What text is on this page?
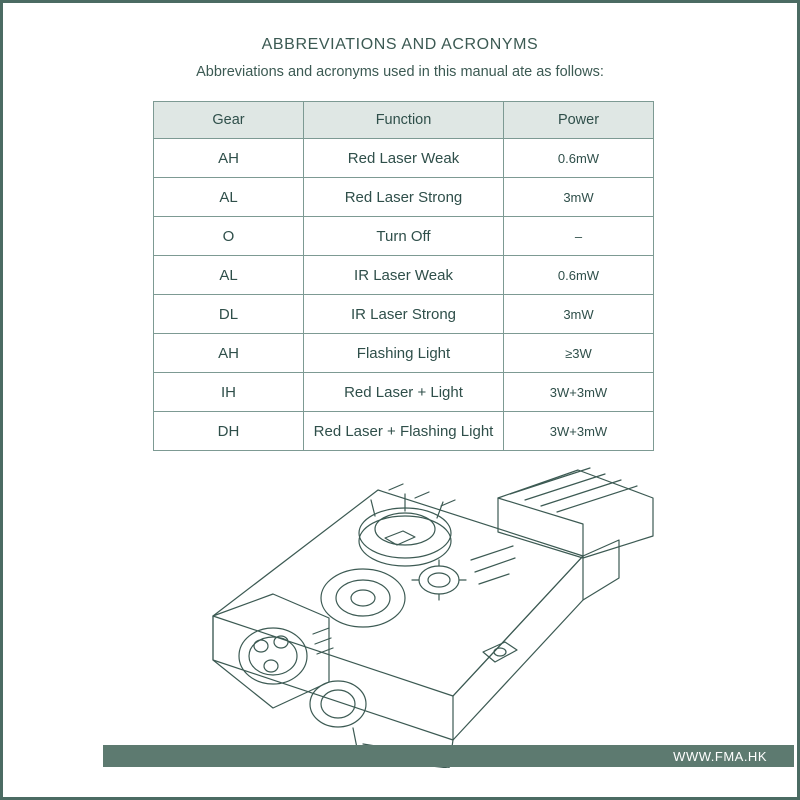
ABBREVIATIONS AND ACRONYMS
Abbreviations and acronyms used in this manual ate as follows:
Gear	Function	Power
AH	Red Laser Weak	0.6mW
AL	Red Laser Strong	3mW
O	Turn Off	–
AL	IR Laser Weak	0.6mW
DL	IR Laser Strong	3mW
AH	Flashing Light	≥3W
IH	Red Laser + Light	3W+3mW
DH	Red Laser + Flashing Light	3W+3mW
WWW.FMA.HK
